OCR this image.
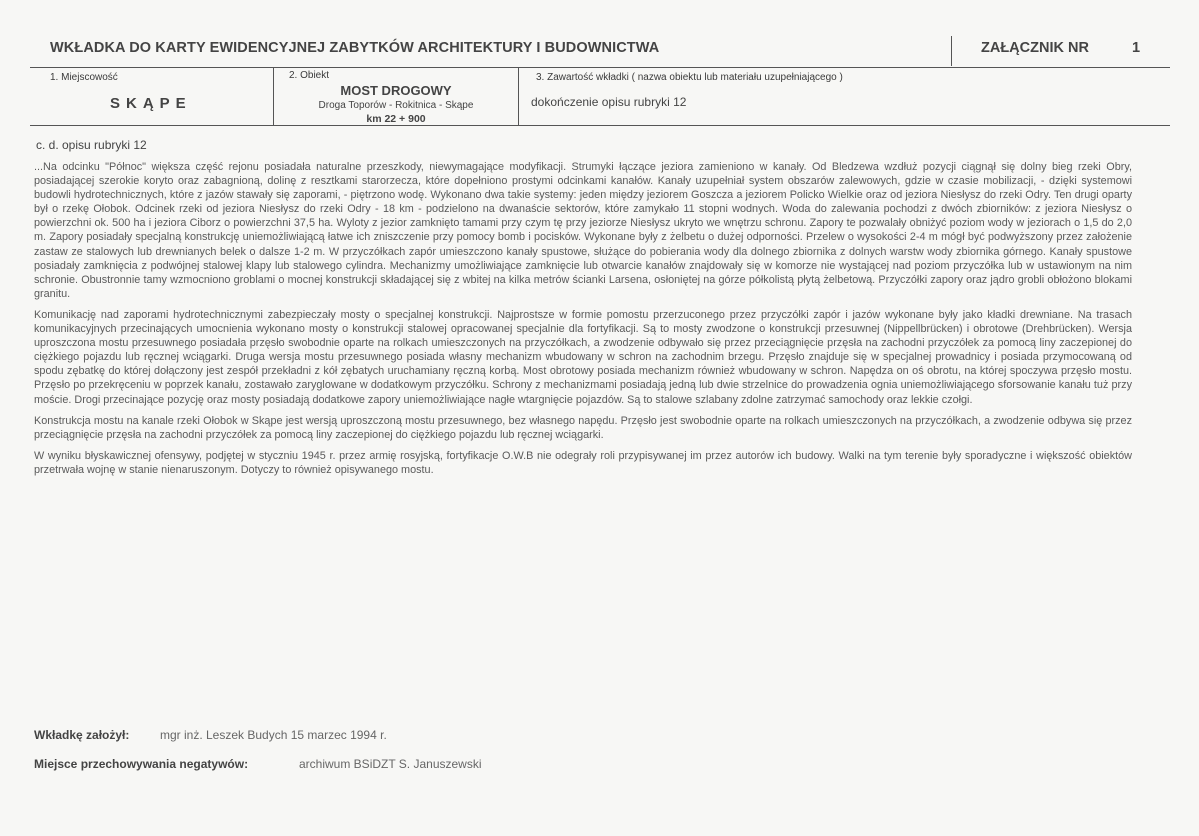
WKŁADKA DO KARTY EWIDENCYJNEJ ZABYTKÓW ARCHITEKTURY I BUDOWNICTWA	ZAŁĄCZNIK NR	1
1. Miejscowość
SKĄPE
2. Obiekt
MOST DROGOWY
Droga Toporów - Rokitnica - Skąpe
km 22 + 900
3. Zawartość wkładki ( nazwa obiektu lub materiału uzupełniającego )
dokończenie opisu rubryki 12
c. d. opisu rubryki 12

...Na odcinku "Północ" większa część rejonu posiadała naturalne przeszkody, niewymagające modyfikacji. Strumyki łączące jeziora zamieniono w kanały. Od Bledzewa wzdłuż pozycji ciągnął się dolny bieg rzeki Obry, posiadającej szerokie koryto oraz zabagnioną, dolinę z resztkami starorzecza, które dopełniono prostymi odcinkami kanałów. Kanały uzupełniał system obszarów zalewowych, gdzie w czasie mobilizacji, - dzięki systemowi budowli hydrotechnicznych, które z jazów stawały się zaporami, - piętrzono wodę. Wykonano dwa takie systemy: jeden między jeziorem Goszcza a jeziorem Policko Wielkie oraz od jeziora Niesłysz do rzeki Odry. Ten drugi oparty był o rzekę Ołobok. Odcinek rzeki od jeziora Niesłysz do rzeki Odry - 18 km - podzielono na dwanaście sektorów, które zamykało 11 stopni wodnych. Woda do zalewania pochodzi z dwóch zbiorników: z jeziora Niesłysz o powierzchni ok. 500 ha i jeziora Ciborz o powierzchni 37,5 ha. Wyloty z jezior zamknięto tamami przy czym tę przy jeziorze Niesłysz ukryto we wnętrzu schronu. Zapory te pozwalały obniżyć poziom wody w jeziorach o 1,5 do 2,0 m. Zapory posiadały specjalną konstrukcję uniemożliwiającą łatwe ich zniszczenie przy pomocy bomb i pocisków. Wykonane były z żelbetu o dużej odporności. Przelew o wysokości 2-4 m mógł być podwyższony przez założenie zastaw ze stalowych lub drewnianych belek o dalsze 1-2 m. W przyczółkach zapór umieszczono kanały spustowe, służące do pobierania wody dla dolnego zbiornika z dolnych warstw wody zbiornika górnego. Kanały spustowe posiadały zamknięcia z podwójnej stalowej klapy lub stalowego cylindra. Mechanizmy umożliwiające zamknięcie lub otwarcie kanałów znajdowały się w komorze nie wystającej nad poziom przyczółka lub w ustawionym na nim schronie. Obustronnie tamy wzmocniono groblami o mocnej konstrukcji składającej się z wbitej na kilka metrów ścianki Larsena, osłoniętej na górze półkolistą płytą żelbetową. Przyczółki zapory oraz jądro grobli obłożono blokami granitu.

Komunikację nad zaporami hydrotechnicznymi zabezpieczały mosty o specjalnej konstrukcji. Najprostsze w formie pomostu przerzuconego przez przyczółki zapór i jazów wykonane były jako kładki drewniane. Na trasach komunikacyjnych przecinających umocnienia wykonano mosty o konstrukcji stalowej opracowanej specjalnie dla fortyfikacji. Są to mosty zwodzone o konstrukcji przesuwnej (Nippellbrücken) i obrotowe (Drehbrücken). Wersja uproszczona mostu przesuwnego posiadała przęsło swobodnie oparte na rolkach umieszczonych na przyczółkach, a zwodzenie odbywało się przez przeciągnięcie przęsła na zachodni przyczółek za pomocą liny zaczepionej do ciężkiego pojazdu lub ręcznej wciągarki. Druga wersja mostu przesuwnego posiada własny mechanizm wbudowany w schron na zachodnim brzegu. Przęsło znajduje się w specjalnej prowadnicy i posiada przymocowaną od spodu zębatkę do której dołączony jest zespół przekładni z kół zębatych uruchamiany ręczną korbą. Most obrotowy posiada mechanizm również wbudowany w schron. Napędza on oś obrotu, na której spoczywa przęsło mostu. Przęsło po przekręceniu w poprzek kanału, zostawało zaryglowane w dodatkowym przyczółku. Schrony z mechanizmami posiadają jedną lub dwie strzelnice do prowadzenia ognia uniemożliwiającego sforsowanie kanału tuż przy moście. Drogi przecinające pozycję oraz mosty posiadają dodatkowe zapory uniemożliwiające nagłe wtargnięcie pojazdów. Są to stalowe szlabany zdolne zatrzymać samochody oraz lekkie czołgi.

Konstrukcja mostu na kanale rzeki Ołobok w Skąpe jest wersją uproszczoną mostu przesuwnego, bez własnego napędu. Przęsło jest swobodnie oparte na rolkach umieszczonych na przyczółkach, a zwodzenie odbywa się przez przeciągnięcie przęsła na zachodni przyczółek za pomocą liny zaczepionej do ciężkiego pojazdu lub ręcznej wciągarki.

W wyniku błyskawicznej ofensywy, podjętej w styczniu 1945 r. przez armię rosyjską, fortyfikacje O.W.B nie odegrały roli przypisywanej im przez autorów ich budowy. Walki na tym terenie były sporadyczne i większość obiektów przetrwała wojnę w stanie nienaruszonym. Dotyczy to również opisywanego mostu.

Wkładkę założył:	mgr inż. Leszek Budych 15 marzec 1994 r.
Miejsce przechowywania negatywów:	archiwum BSiDZT S. Januszewski
